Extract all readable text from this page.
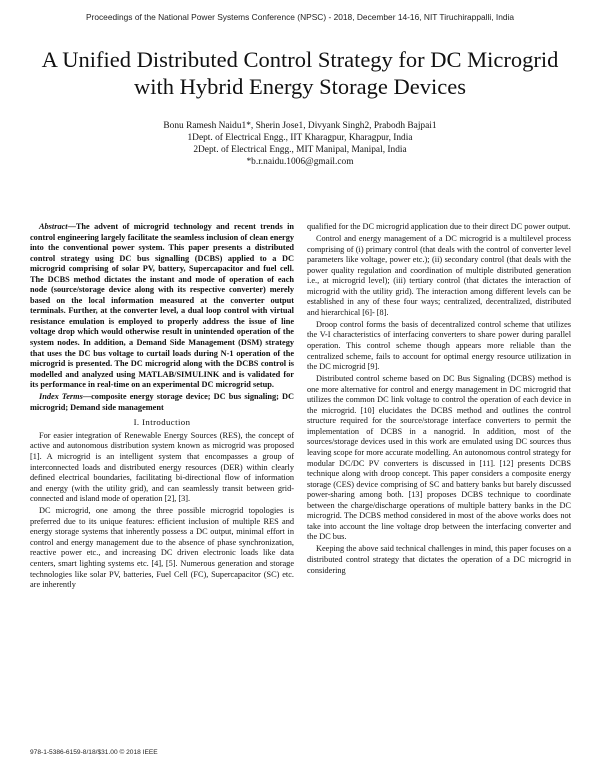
Proceedings of the National Power Systems Conference (NPSC) - 2018, December 14-16, NIT Tiruchirappalli, India
A Unified Distributed Control Strategy for DC Microgrid with Hybrid Energy Storage Devices
Bonu Ramesh Naidu1*, Sherin Jose1, Divyank Singh2, Prabodh Bajpai1
1Dept. of Electrical Engg., IIT Kharagpur, Kharagpur, India
2Dept. of Electrical Engg., MIT Manipal, Manipal, India
*b.r.naidu.1006@gmail.com

Abstract—The advent of microgrid technology and recent trends in control engineering largely facilitate the seamless inclusion of clean energy into the conventional power system. This paper presents a distributed control strategy using DC bus signalling (DCBS) applied to a DC microgrid comprising of solar PV, battery, Supercapacitor and fuel cell. The DCBS method dictates the instant and mode of operation of each node (source/storage device along with its respective converter) merely based on the local information measured at the converter output terminals. Further, at the converter level, a dual loop control with virtual resistance emulation is employed to properly address the issue of line voltage drop which would otherwise result in unintended operation of the system nodes. In addition, a Demand Side Management (DSM) strategy that uses the DC bus voltage to curtail loads during N-1 operation of the microgrid is presented. The DC microgrid along with the DCBS control is modelled and analyzed using MATLAB/SIMULINK and is validated for its performance in real-time on an experimental DC microgrid setup.

Index Terms—composite energy storage device; DC bus signaling; DC microgrid; Demand side management

I. Introduction

For easier integration of Renewable Energy Sources (RES), the concept of active and autonomous distribution system known as microgrid was proposed [1]. A microgrid is an intelligent system that encompasses a group of interconnected loads and distributed energy resources (DER) within clearly defined electrical boundaries, facilitating bi-directional flow of information and energy (with the utility grid), and can seamlessly transit between grid-connected and island mode of operation [2], [3].

DC microgrid, one among the three possible microgrid topologies is preferred due to its unique features: efficient inclusion of multiple RES and energy storage systems that inherently possess a DC output, minimal effort in control and energy management due to the absence of phase synchronization, reactive power etc., and increasing DC driven electronic loads like data centers, smart lighting systems etc. [4], [5]. Numerous generation and storage technologies like solar PV, batteries, Fuel Cell (FC), Supercapacitor (SC) etc. are inherently

qualified for the DC microgrid application due to their direct DC power output.

Control and energy management of a DC microgrid is a multilevel process comprising of (i) primary control (that deals with the control of converter level parameters like voltage, power etc.); (ii) secondary control (that deals with the power quality regulation and coordination of multiple distributed generation i.e., at microgrid level); (iii) tertiary control (that dictates the interaction of microgrid with the utility grid). The interaction among different levels can be established in any of these four ways; centralized, decentralized, distributed and hierarchical [6]- [8].

Droop control forms the basis of decentralized control scheme that utilizes the V-I characteristics of interfacing converters to share power during parallel operation. This control scheme though appears more reliable than the centralized scheme, fails to account for optimal energy resource utilization in the DC microgrid [9].

Distributed control scheme based on DC Bus Signaling (DCBS) method is one more alternative for control and energy management in DC microgrid that utilizes the common DC link voltage to control the operation of each device in the microgrid. [10] elucidates the DCBS method and outlines the control structure required for the source/storage interface converters to permit the implementation of DCBS in a nanogrid. In addition, most of the sources/storage devices used in this work are emulated using DC sources thus leaving scope for more accurate modelling. An autonomous control strategy for modular DC/DC PV converters is discussed in [11]. [12] presents DCBS technique along with droop concept. This paper considers a composite energy storage (CES) device comprising of SC and battery banks but barely discussed power-sharing among both. [13] proposes DCBS technique to coordinate between the charge/discharge operations of multiple battery banks in the DC microgrid. The DCBS method considered in most of the above works does not take into account the line voltage drop between the interfacing converter and the DC bus.

Keeping the above said technical challenges in mind, this paper focuses on a distributed control strategy that dictates the operation of a DC microgrid in considering

978-1-5386-6159-8/18/$31.00 © 2018 IEEE
